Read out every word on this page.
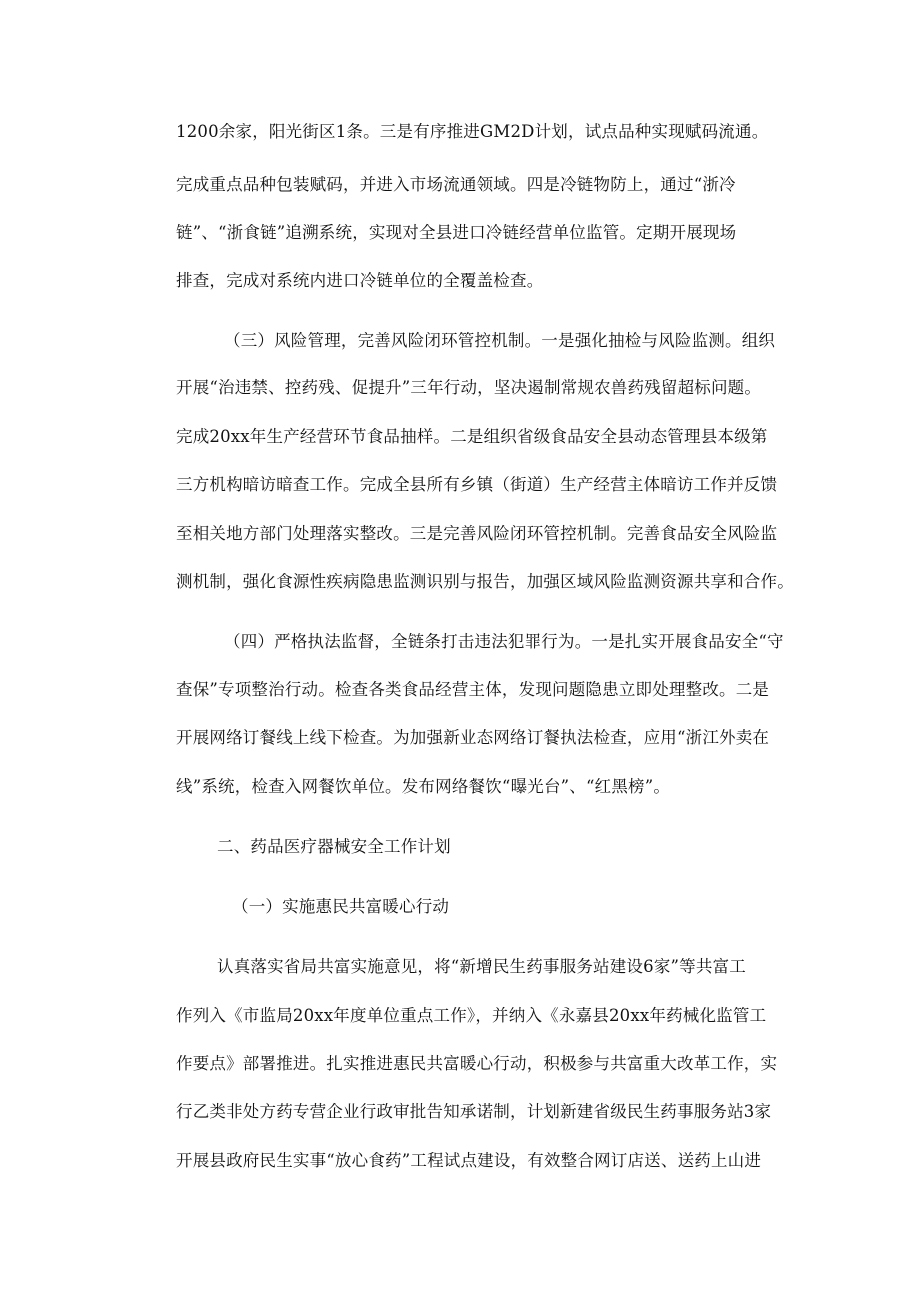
1200余家，阳光街区1条。三是有序推进GM2D计划，试点品种实现赋码流通。
完成重点品种包装赋码，并进入市场流通领域。四是冷链物防上，通过“浙冷
链”、“浙食链”追溯系统，实现对全县进口冷链经营单位监管。定期开展现场
排查，完成对系统内进口冷链单位的全覆盖检查。
（三）风险管理，完善风险闭环管控机制。一是强化抽检与风险监测。组织
开展“治违禁、控药残、促提升”三年行动，坚决遏制常规农兽药残留超标问题。
完成20xx年生产经营环节食品抽样。二是组织省级食品安全县动态管理县本级第
三方机构暗访暗查工作。完成全县所有乡镇（街道）生产经营主体暗访工作并反馈
至相关地方部门处理落实整改。三是完善风险闭环管控机制。完善食品安全风险监
测机制，强化食源性疾病隐患监测识别与报告，加强区域风险监测资源共享和合作。
（四）严格执法监督，全链条打击违法犯罪行为。一是扎实开展食品安全“守
查保”专项整治行动。检查各类食品经营主体，发现问题隐患立即处理整改。二是
开展网络订餐线上线下检查。为加强新业态网络订餐执法检查，应用“浙江外卖在
线”系统，检查入网餐饮单位。发布网络餐饮“曝光台”、“红黑榜”。
二、药品医疗器械安全工作计划
（一）实施惠民共富暖心行动
认真落实省局共富实施意见，将“新增民生药事服务站建设6家”等共富工
作列入《市监局20xx年度单位重点工作》，并纳入《永嘉县20xx年药械化监管工
作要点》部署推进。扎实推进惠民共富暖心行动，积极参与共富重大改革工作，实
行乙类非处方药专营企业行政审批告知承诺制，计划新建省级民生药事服务站3家
开展县政府民生实事“放心食药”工程试点建设，有效整合网订店送、送药上山进
